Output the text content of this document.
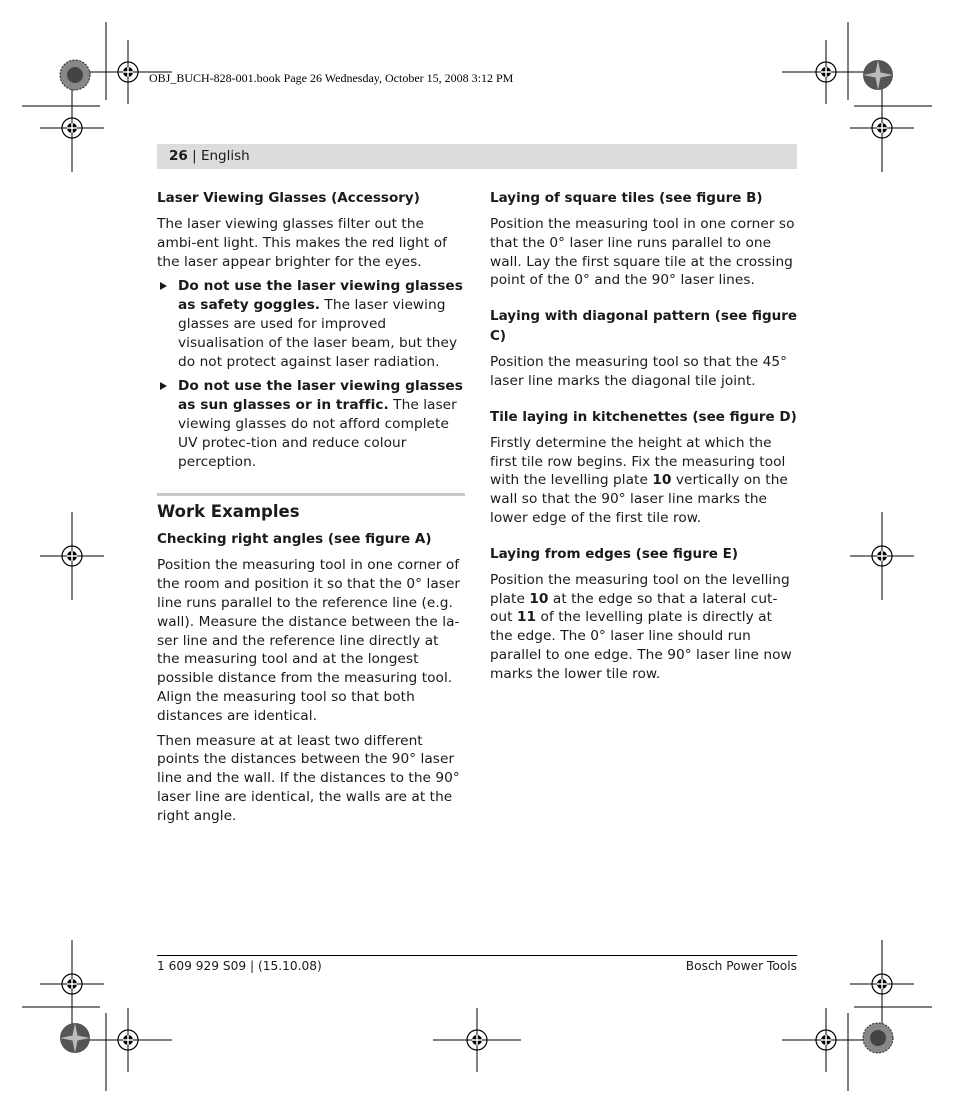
OBJ_BUCH-828-001.book Page 26 Wednesday, October 15, 2008 3:12 PM
26 | English
Laser Viewing Glasses (Accessory)

The laser viewing glasses filter out the ambi-ent light. This makes the red light of the laser appear brighter for the eyes.

Do not use the laser viewing glasses as safety goggles. The laser viewing glasses are used for improved visualisation of the laser beam, but they do not protect against laser radiation.

Do not use the laser viewing glasses as sun glasses or in traffic. The laser viewing glasses do not afford complete UV protec-tion and reduce colour perception.

Work Examples
Checking right angles (see figure A)

Position the measuring tool in one corner of the room and position it so that the 0° laser line runs parallel to the reference line (e.g. wall). Measure the distance between the la-ser line and the reference line directly at the measuring tool and at the longest possible distance from the measuring tool. Align the measuring tool so that both distances are identical.

Then measure at at least two different points the distances between the 90° laser line and the wall. If the distances to the 90° laser line are identical, the walls are at the right angle.

Laying of square tiles (see figure B)

Position the measuring tool in one corner so that the 0° laser line runs parallel to one wall. Lay the first square tile at the crossing point of the 0° and the 90° laser lines.

Laying with diagonal pattern (see figure C)

Position the measuring tool so that the 45° laser line marks the diagonal tile joint.

Tile laying in kitchenettes (see figure D)

Firstly determine the height at which the first tile row begins. Fix the measuring tool with the levelling plate 10 vertically on the wall so that the 90° laser line marks the lower edge of the first tile row.

Laying from edges (see figure E)

Position the measuring tool on the levelling plate 10 at the edge so that a lateral cut-out 11 of the levelling plate is directly at the edge. The 0° laser line should run parallel to one edge. The 90° laser line now marks the lower tile row.

1 609 929 S09 | (15.10.08)	Bosch Power Tools
